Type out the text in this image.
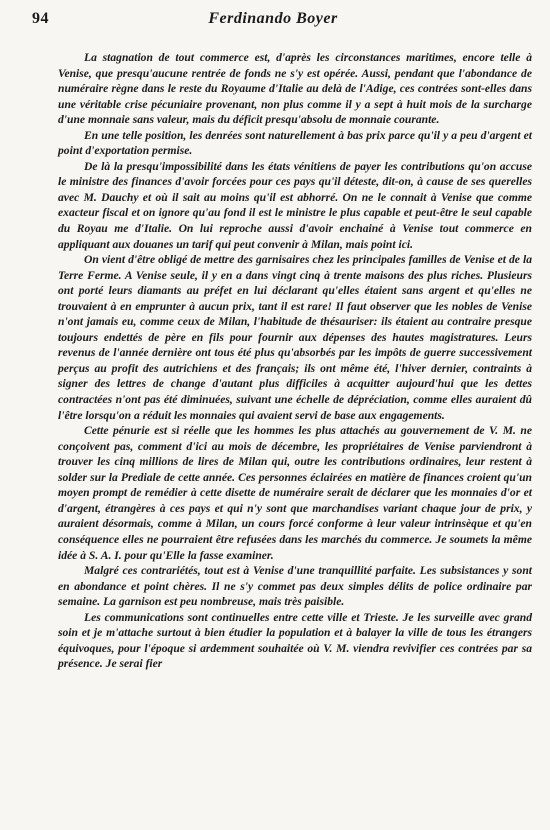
94	Ferdinando Boyer

La stagnation de tout commerce est, d'après les circonstances maritimes, encore telle à Venise, que presqu'aucune rentrée de fonds ne s'y est opérée. Aussi, pendant que l'abondance de numéraire règne dans le reste du Royaume d'Italie au delà de l'Adige, ces contrées sont-elles dans une véritable crise pécuniaire provenant, non plus comme il y a sept à huit mois de la surcharge d'une monnaie sans valeur, mais du déficit presqu'absolu de monnaie courante.

En une telle position, les denrées sont naturellement à bas prix parce qu'il y a peu d'argent et point d'exportation permise.

De là la presqu'impossibilité dans les états vénitiens de payer les contributions qu'on accuse le ministre des finances d'avoir forcées pour ces pays qu'il déteste, dit-on, à cause de ses querelles avec M. Dauchy et où il sait au moins qu'il est abhorré. On ne le connait à Venise que comme exacteur fiscal et on ignore qu'au fond il est le ministre le plus capable et peut-être le seul capable du Royau me d'Italie. On lui reproche aussi d'avoir enchainé à Venise tout commerce en appliquant aux douanes un tarif qui peut convenir à Milan, mais point ici.

On vient d'être obligé de mettre des garnisaires chez les principales familles de Venise et de la Terre Ferme. A Venise seule, il y en a dans vingt cinq à trente maisons des plus riches. Plusieurs ont porté leurs diamants au préfet en lui déclarant qu'elles étaient sans argent et qu'elles ne trouvaient à en emprunter à aucun prix, tant il est rare! Il faut observer que les nobles de Venise n'ont jamais eu, comme ceux de Milan, l'habitude de thésauriser: ils étaient au contraire presque toujours endettés de père en fils pour fournir aux dépenses des hautes magistratures. Leurs revenus de l'année dernière ont tous été plus qu'absorbés par les impôts de guerre successivement perçus au profit des autrichiens et des français; ils ont même été, l'hiver dernier, contraints à signer des lettres de change d'autant plus difficiles à acquitter aujourd'hui que les dettes contractées n'ont pas été diminuées, suivant une échelle de dépréciation, comme elles auraient dû l'être lorsqu'on a réduit les monnaies qui avaient servi de base aux engagements.

Cette pénurie est si réelle que les hommes les plus attachés au gouvernement de V. M. ne conçoivent pas, comment d'ici au mois de décembre, les propriétaires de Venise parviendront à trouver les cinq millions de lires de Milan qui, outre les contributions ordinaires, leur restent à solder sur la Prediale de cette année. Ces personnes éclairées en matière de finances croient qu'un moyen prompt de remédier à cette disette de numéraire serait de déclarer que les monnaies d'or et d'argent, étrangères à ces pays et qui n'y sont que marchandises variant chaque jour de prix, y auraient désormais, comme à Milan, un cours forcé conforme à leur valeur intrinsèque et qu'en conséquence elles ne pourraient être refusées dans les marchés du commerce. Je soumets la même idée à S. A. I. pour qu'Elle la fasse examiner.

Malgré ces contrariétés, tout est à Venise d'une tranquillité parfaite. Les subsistances y sont en abondance et point chères. Il ne s'y commet pas deux simples délits de police ordinaire par semaine. La garnison est peu nombreuse, mais très paisible.

Les communications sont continuelles entre cette ville et Trieste. Je les surveille avec grand soin et je m'attache surtout à bien étudier la population et à balayer la ville de tous les étrangers équivoques, pour l'époque si ardemment souhaitée où V. M. viendra revivifier ces contrées par sa présence. Je serai fier
